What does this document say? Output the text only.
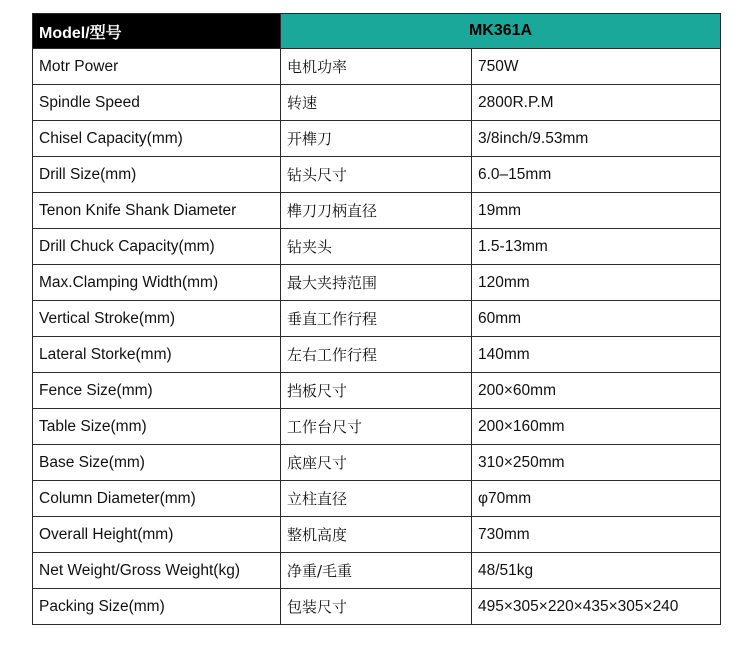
Model/型号	MK361A	
Motr Power	电机功率	750W
Spindle Speed	转速	2800R.P.M
Chisel Capacity(mm)	开榫刀	3/8inch/9.53mm
Drill Size(mm)	钻头尺寸	6.0–15mm
Tenon Knife Shank Diameter	榫刀刀柄直径	19mm
Drill Chuck Capacity(mm)	钻夹头	1.5-13mm
Max.Clamping Width(mm)	最大夹持范围	120mm
Vertical Stroke(mm)	垂直工作行程	60mm
Lateral Storke(mm)	左右工作行程	140mm
Fence Size(mm)	挡板尺寸	200×60mm
Table Size(mm)	工作台尺寸	200×160mm
Base Size(mm)	底座尺寸	310×250mm
Column Diameter(mm)	立柱直径	φ70mm
Overall Height(mm)	整机高度	730mm
Net Weight/Gross Weight(kg)	净重/毛重	48/51kg
Packing Size(mm)	包装尺寸	495×305×220×435×305×240
